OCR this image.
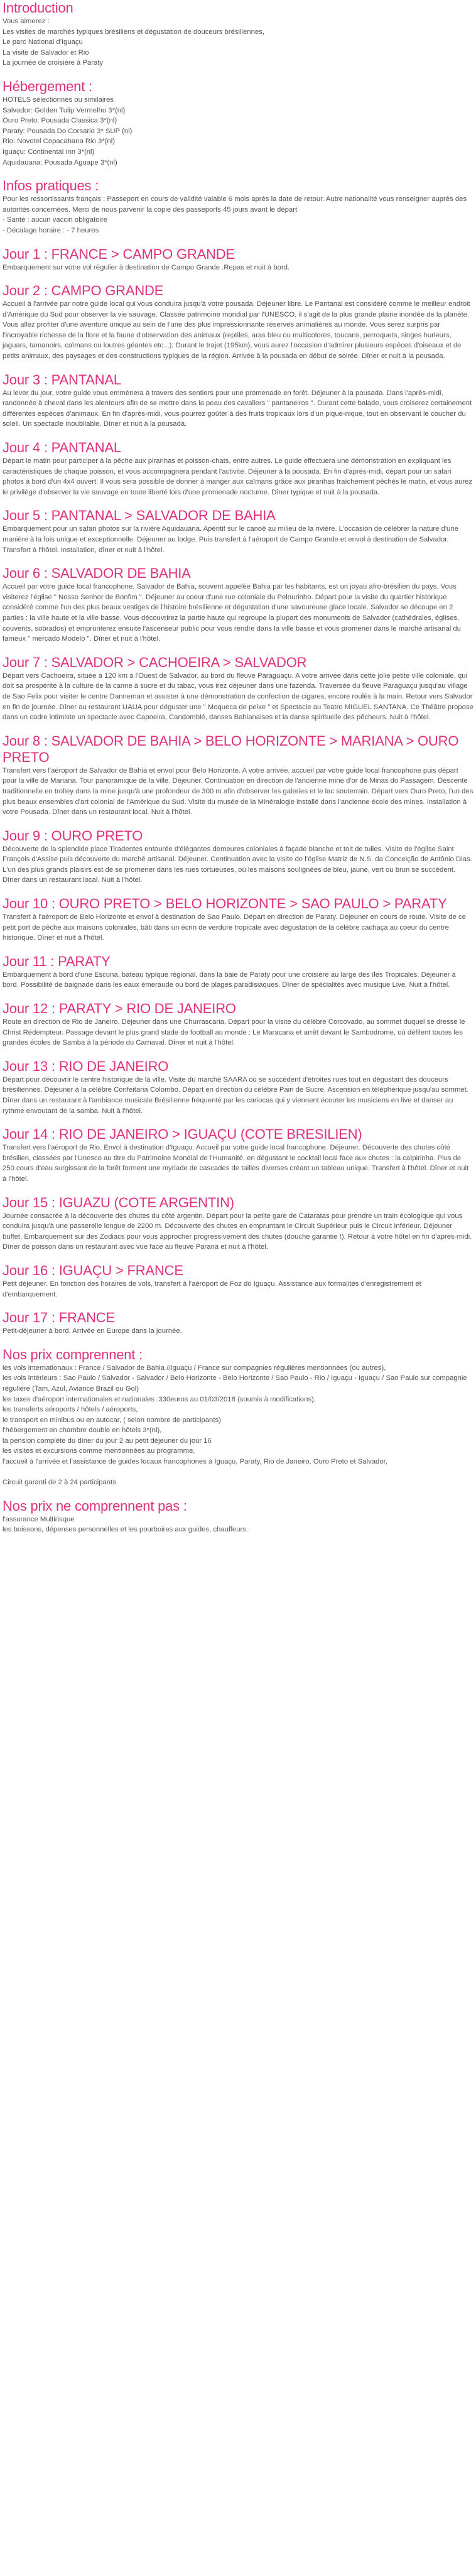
Introduction

Vous aimerez :
Les visites de marchés typiques brésiliens et dégustation de douceurs brésiliennes,
Le parc National d'Iguaçu
La visite de Salvador et Rio
La journée de croisière à Paraty

Hébergement :

HOTELS sélectionnés ou similaires
Salvador: Golden Tulip Vermelho 3*(nl)
Ouro Preto: Pousada Classica 3*(nl)
Paraty: Pousada Do Corsario 3* SUP (nl)
Rio: Novotel Copacabana Rio 3*(nl)
Iguaçu: Continental Inn 3*(nl)
Aquidauana: Pousada Aguape 3*(nl)

Infos pratiques :

Pour les ressortissants français : Passeport en cours de validité valable 6 mois après la date de retour. Autre nationalité vous renseigner auprès des autorités concernées. Merci de nous parvenir la copie des passeports 45 jours avant le départ
- Santé : aucun vaccin obligatoire
- Décalage horaire : - 7 heures

Jour 1 : FRANCE > CAMPO GRANDE

Embarquement sur votre vol régulier à destination de Campo Grande .Repas et nuit à bord.

Jour 2 : CAMPO GRANDE

Accueil à l'arrivée par notre guide local qui vous conduira jusqu'à votre pousada. Déjeuner libre. Le Pantanal est considéré comme le meilleur endroit d'Amérique du Sud pour observer la vie sauvage. Classée patrimoine mondial par l'UNESCO, il s'agit de la plus grande plaine inondée de la planète. Vous allez profiter d'une aventure unique au sein de l'une des plus impressionnante réserves animalières au monde. Vous serez surpris par l'incroyable richesse de la flore et la faune d'observation des animaux (reptiles, aras bleu ou multicolores, toucans, perroquets, singes hurleurs, jaguars, tamanoirs, caïmans ou loutres géantes etc...). Durant le trajet (195km), vous aurez l'occasion d'admirer plusieurs espèces d'oiseaux et de petits animaux, des paysages et des constructions typiques de la région. Arrivée à la pousada en début de soirée. Dîner et nuit à la pousada.

Jour 3 : PANTANAL

Au lever du jour, votre guide vous emmènera à travers des sentiers pour une promenade en forêt. Déjeuner à la pousada. Dans l'après-midi, randonnée à cheval dans les alentours afin de se mettre dans la peau des cavaliers " pantaneiros ". Durant cette balade, vous croiserez certainement différentes espèces d'animaux. En fin d'après-midi, vous pourrez goûter à des fruits tropicaux lors d'un pique-nique, tout en observant le coucher du soleil. Un spectacle inoubliable. Dîner et nuit à la pousada.

Jour 4 : PANTANAL

Départ le matin pour participer à la pêche aux piranhas et poisson-chats, entre autres. Le guide effectuera une démonstration en expliquant les caractéristiques de chaque poisson, et vous accompagnera pendant l'activité. Déjeuner à la pousada. En fin d'après-midi, départ pour un safari photos à bord d'un 4x4 ouvert. Il vous sera possible de donner à manger aux caïmans grâce aux piranhas fraîchement pêchés le matin, et vous aurez le privilège d'observer la vie sauvage en toute liberté lors d'une promenade nocturne. Dîner typique et nuit à la pousada.

Jour 5 : PANTANAL > SALVADOR DE BAHIA

Embarquement pour un safari photos sur la rivière Aquidauana. Apéritif sur le canoë au milieu de la rivière. L'occasion de célébrer la nature d'une manière à la fois unique et exceptionnelle. Déjeuner au lodge. Puis transfert à l'aéroport de Campo Grande et envol à destination de Salvador. Transfert à l'hôtel. Installation, dîner et nuit à l'hôtel.

Jour 6 : SALVADOR DE BAHIA

Accueil par votre guide local francophone. Salvador de Bahia, souvent appelée Bahia par les habitants, est un joyau afro-brésilien du pays. Vous visiterez l'église " Nosso Senhor de Bonfim ". Déjeuner au coeur d'une rue coloniale du Pelourinho. Départ pour la visite du quartier historique considéré comme l'un des plus beaux vestiges de l'histoire brésilienne et dégustation d'une savoureuse glace locale. Salvador se découpe en 2 parties : la ville haute et la ville basse. Vous découvrirez la partie haute qui regroupe la plupart des monuments de Salvador (cathédrales, églises, couvents, sobrados) et emprunterez ensuite l'ascenseur public pour vous rendre dans la ville basse et vous promener dans le marché artisanal du fameux " mercado Modelo ". Dîner et nuit à l'hôtel.

Jour 7 : SALVADOR > CACHOEIRA > SALVADOR

Départ vers Cachoeira, située à 120 km à l'Ouest de Salvador, au bord du fleuve Paraguaçu. A votre arrivée dans cette jolie petite ville coloniale, qui doit sa prospérité à la culture de la canne à sucre et du tabac, vous irez déjeuner dans une fazenda. Traversée du fleuve Paraguaçu jusqu'au village de Sao Felix pour visiter le centre Danneman et assister à une démonstration de confection de cigares, encore roulés à la main. Retour vers Salvador en fin de journée. Dîner au restaurant UAUA pour déguster une " Moqueca de peixe " et Spectacle au Teatro MIGUEL SANTANA. Ce Théâtre propose dans un cadre intimiste un spectacle avec Capoeira, Candomblé, danses Bahianaises et la danse spirituelle des pêcheurs. Nuit à l'hôtel.

Jour 8 : SALVADOR DE BAHIA > BELO HORIZONTE > MARIANA > OURO PRETO

Transfert vers l'aéroport de Salvador de Bahia et envol pour Belo Horizonte. A votre arrivée, accueil par votre guide local francophone puis départ pour la ville de Mariana. Tour panoramique de la ville. Déjeuner. Continuation en direction de l'ancienne mine d'or de Minas do Passagem. Descente traditionnelle en trolley dans la mine jusqu'à une profondeur de 300 m afin d'observer les galeries et le lac souterrain. Départ vers Ouro Preto, l'un des plus beaux ensembles d'art colonial de l'Amérique du Sud. Visite du musée de la Minéralogie installé dans l'ancienne école des mines. Installation à votre Pousada. Dîner dans un restaurant local. Nuit à l'hôtel.

Jour 9 : OURO PRETO

Découverte de la splendide place Tiradentes entourée d'élégantes demeures coloniales à façade blanche et toit de tuiles. Visite de l'église Saint François d'Assise puis découverte du marché artisanal. Déjeuner. Continuation avec la visite de l'église Matriz de N.S. da Conceição de Antônio Dias. L'un des plus grands plaisirs est de se promener dans les rues tortueuses, où les maisons soulignées de bleu, jaune, vert ou brun se succèdent. Dîner dans un restaurant local. Nuit à l'hôtel.

Jour 10 : OURO PRETO > BELO HORIZONTE > SAO PAULO > PARATY

Transfert à l'aéroport de Belo Horizonte et envol à destination de Sao Paulo. Départ en direction de Paraty. Déjeuner en cours de route. Visite de ce petit port de pêche aux maisons coloniales, bâti dans un écrin de verdure tropicale avec dégustation de la célèbre cachaça au coeur du centre historique. Dîner et nuit à l'hôtel.

Jour 11 : PARATY

Embarquement à bord d'une Escuna, bateau typique régional, dans la baie de Paraty pour une croisière au large des îles Tropicales. Déjeuner à bord. Possibilité de baignade dans les eaux émeraude ou bord de plages paradisiaques. Dîner de spécialités avec musique Live. Nuit à l'hôtel.

Jour 12 : PARATY > RIO DE JANEIRO

Route en direction de Rio de Janeiro. Déjeuner dans une Churrascaria. Départ pour la visite du célèbre Corcovado, au sommet duquel se dresse le Christ Rédempteur. Passage devant le plus grand stade de football au monde : Le Maracana et arrêt devant le Sambodrome, où défilent toutes les grandes écoles de Samba à la période du Carnaval. Dîner et nuit à l'hôtel.

Jour 13 : RIO DE JANEIRO

Départ pour découvrir le centre historique de la ville. Visite du marché SAARA où se succèdent d'étroites rues tout en dégustant des douceurs brésiliennes. Déjeuner à la célèbre Confeitaria Colombo. Départ en direction du célèbre Pain de Sucre. Ascension en téléphérique jusqu'au sommet. Dîner dans un restaurant à l'ambiance musicale Brésilienne fréquenté par les cariocas qui y viennent écouter les musiciens en live et danser au rythme envoutant de la samba. Nuit à l'hôtel.

Jour 14 : RIO DE JANEIRO > IGUAÇU (COTE BRESILIEN)

Transfert vers l'aéroport de Rio. Envol à destination d'Iguaçu. Accueil par votre guide local francophone. Déjeuner. Découverte des chutes côté brésilien, classées par l'Unesco au titre du Patrimoine Mondial de l'Humanité, en dégustant le cocktail local face aux chutes : la caïpirinha. Plus de 250 cours d'eau surgissant de la forêt forment une myriade de cascades de tailles diverses créant un tableau unique. Transfert à l'hôtel. Dîner et nuit à l'hôtel.

Jour 15 : IGUAZU (COTE ARGENTIN)

Journée consacrée à la découverte des chutes du côté argentin. Départ pour la petite gare de Cataratas pour prendre un train écologique qui vous conduira jusqu'à une passerelle longue de 2200 m. Découverte des chutes en empruntant le Circuit Supérieur puis le Circuit Inférieur. Déjeuner buffet. Embarquement sur des Zodiacs pour vous approcher progressivement des chutes (douche garantie !). Retour à votre hôtel en fin d'après-midi. Dîner de poisson dans un restaurant avec vue face au fleuve Parana et nuit à l'hôtel.

Jour 16 : IGUAÇU > FRANCE

Petit déjeuner. En fonction des horaires de vols, transfert à l'aéroport de Foz do Iguaçu. Assistance aux formalités d'enregistrement et d'embarquement.

Jour 17 : FRANCE

Petit-déjeuner à bord. Arrivée en Europe dans la journée.

Nos prix comprennent :

les vols internationaux : France / Salvador de Bahia //Iguaçu / France sur compagnies régulières mentionnées (ou autres),
les vols intérieurs : Sao Paulo / Salvador - Salvador / Belo Horizonte - Belo Horizonte / Sao Paulo - Rio / Iguaçu - Iguaçu / Sao Paulo sur compagnie régulière (Tam, Azul, Aviance Brazil ou Gol)
les taxes d'aéroport internationales et nationales :330euros au 01/03/2018 (soumis à modifications),
les transferts aéroports / hôtels / aéroports,
le transport en minibus ou en autocar, ( selon nombre de participants)
l'hébergement en chambre double en hôtels 3*(nl),
la pension complète du dîner du jour 2 au petit déjeuner du jour 16
les visites et excursions comme mentionnées au programme,
l'accueil à l'arrivée et l'assistance de guides locaux francophones à Iguaçu, Paraty, Rio de Janeiro, Ouro Preto et Salvador,
Circuit garanti de 2 à 24 participants

Nos prix ne comprennent pas :

l'assurance Multirisque
les boissons, dépenses personnelles et les pourboires aux guides, chauffeurs.
